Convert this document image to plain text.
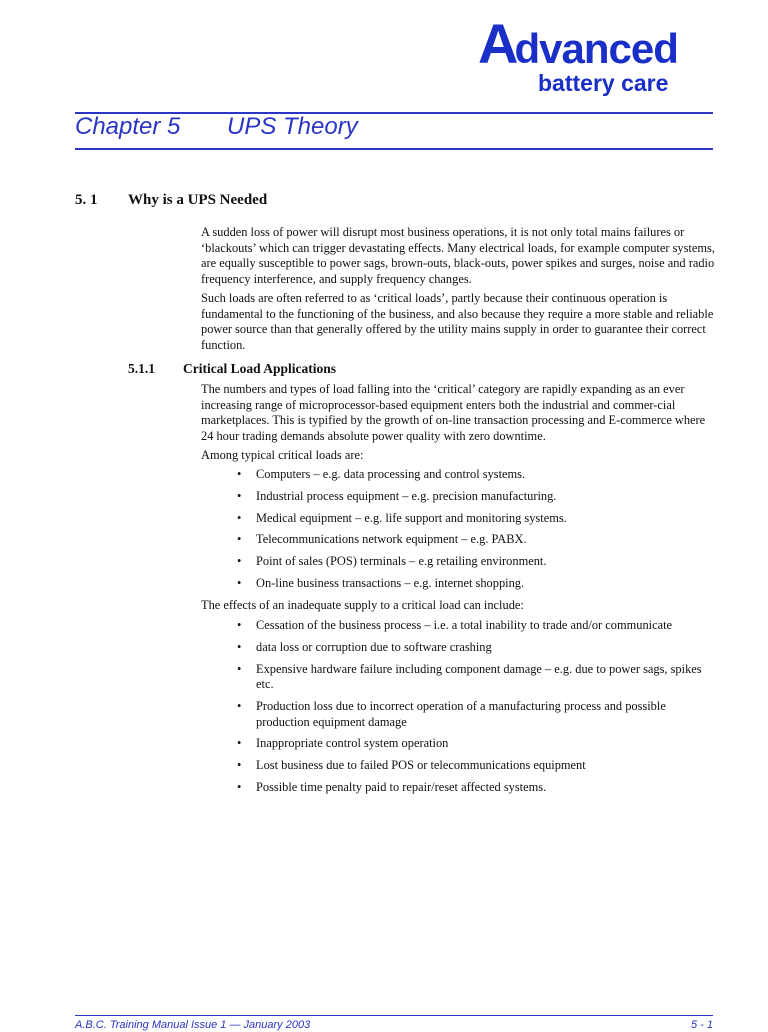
Advanced
battery care
Chapter 5 UPS Theory
5. 1 Why is a UPS Needed

A sudden loss of power will disrupt most business operations, it is not only total mains failures or ‘blackouts’ which can trigger devastating effects. Many electrical loads, for example computer systems, are equally susceptible to power sags, brown-outs, black-outs, power spikes and surges, noise and radio frequency interference, and supply frequency changes.

Such loads are often referred to as ‘critical loads’, partly because their continuous operation is fundamental to the functioning of the business, and also because they require a more stable and reliable power source than that generally offered by the utility mains supply in order to guarantee their correct function.

5.1.1 Critical Load Applications

The numbers and types of load falling into the ‘critical’ category are rapidly expanding as an ever increasing range of microprocessor-based equipment enters both the industrial and commer-cial marketplaces. This is typified by the growth of on-line transaction processing and E-commerce where 24 hour trading demands absolute power quality with zero downtime.

Among typical critical loads are:

• Computers – e.g. data processing and control systems.
• Industrial process equipment – e.g. precision manufacturing.
• Medical equipment – e.g. life support and monitoring systems.
• Telecommunications network equipment – e.g. PABX.
• Point of sales (POS) terminals – e.g retailing environment.
• On-line business transactions – e.g. internet shopping.

The effects of an inadequate supply to a critical load can include:

• Cessation of the business process – i.e. a total inability to trade and/or communicate
• data loss or corruption due to software crashing
• Expensive hardware failure including component damage – e.g. due to power sags, spikes etc.
• Production loss due to incorrect operation of a manufacturing process and possible production equipment damage
• Inappropriate control system operation
• Lost business due to failed POS or telecommunications equipment
• Possible time penalty paid to repair/reset affected systems.
A.B.C. Training Manual Issue 1 — January 2003	5 - 1
